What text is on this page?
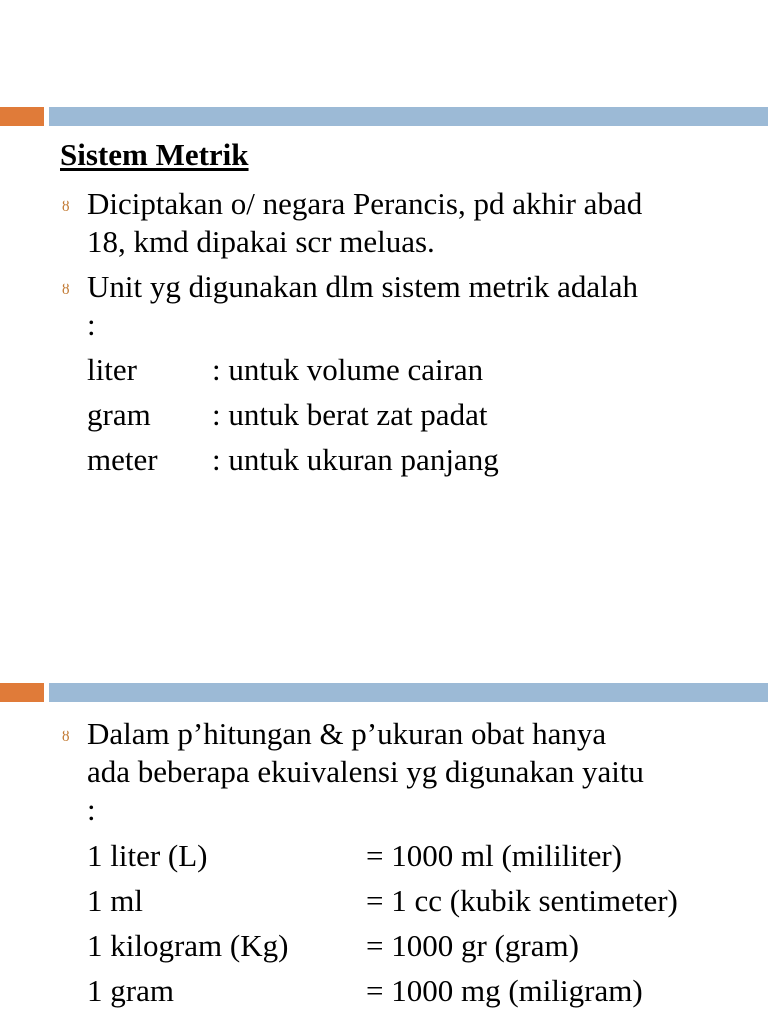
Sistem Metrik
ȣ Diciptakan o/ negara Perancis, pd akhir abad
18, kmd dipakai scr meluas.
ȣ Unit yg digunakan dlm sistem metrik adalah
:
liter : untuk volume cairan
gram : untuk berat zat padat
meter : untuk ukuran panjang
ȣ Dalam p’hitungan & p’ukuran obat hanya
ada beberapa ekuivalensi yg digunakan yaitu
:
1 liter (L)	= 1000 ml (mililiter)
1 ml	= 1 cc (kubik sentimeter)
1 kilogram (Kg)	= 1000 gr (gram)
1 gram	= 1000 mg (miligram)
